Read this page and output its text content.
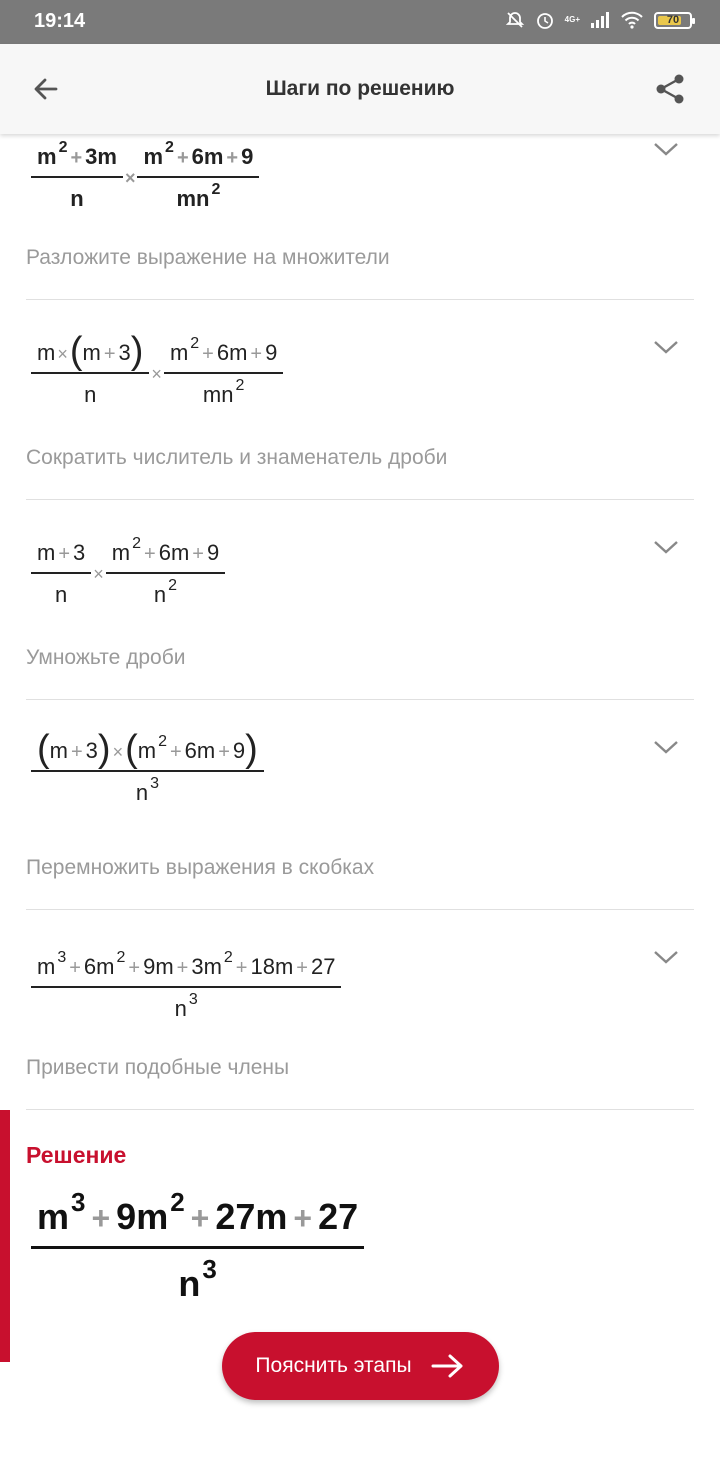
19:14	4G+	70
Шаги по решению
$\frac{m ^2 + 3m}{n} \times \frac{m ^2 + 6m + 9}{mn ^2}$
Разложите выражение на множители
$\frac{m \times(m + 3)}{n} \times \frac{m ^2 + 6m + 9}{mn ^2}$
Сократить числитель и знаменатель дроби
$\frac{m + 3}{n} \times \frac{m ^2 + 6m + 9}{n ^2}$
Умножьте дроби
$\frac{(m + 3) \times(m ^2 + 6m + 9)}{n ^3}$
Перемножить выражения в скобках
$\frac{m ^3 + 6m ^2 + 9m + 3m ^2 + 18m + 27}{n ^3}$
Привести подобные члены
Решение
$\frac{m^3 + 9m^2 + 27m + 27}{n^3}$
Пояснить этапы
